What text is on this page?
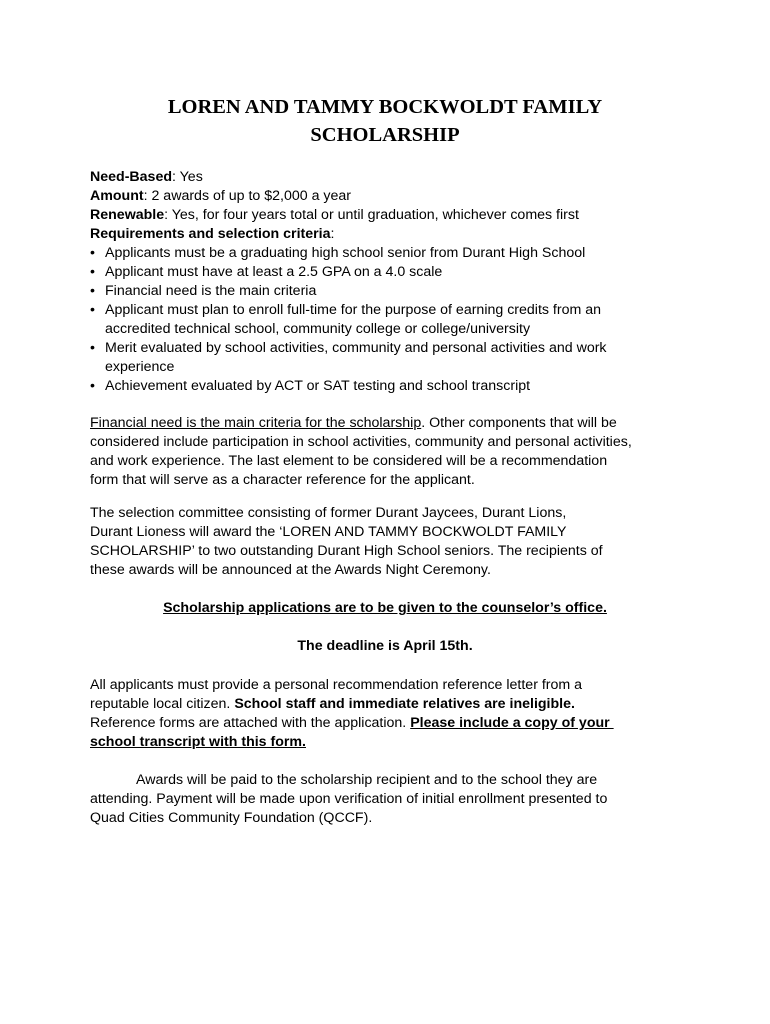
LOREN AND TAMMY BOCKWOLDT FAMILY
SCHOLARSHIP
Need-Based: Yes
Amount: 2 awards of up to $2,000 a year
Renewable: Yes, for four years total or until graduation, whichever comes first
Requirements and selection criteria:
• Applicants must be a graduating high school senior from Durant High School
• Applicant must have at least a 2.5 GPA on a 4.0 scale
• Financial need is the main criteria
• Applicant must plan to enroll full-time for the purpose of earning credits from an
accredited technical school, community college or college/university
• Merit evaluated by school activities, community and personal activities and work
experience
• Achievement evaluated by ACT or SAT testing and school transcript
Financial need is the main criteria for the scholarship. Other components that will be
considered include participation in school activities, community and personal activities,
and work experience. The last element to be considered will be a recommendation
form that will serve as a character reference for the applicant.
The selection committee consisting of former Durant Jaycees, Durant Lions,
Durant Lioness will award the ‘LOREN AND TAMMY BOCKWOLDT FAMILY
SCHOLARSHIP’ to two outstanding Durant High School seniors. The recipients of
these awards will be announced at the Awards Night Ceremony.
Scholarship applications are to be given to the counselor’s office.
The deadline is April 15th.
All applicants must provide a personal recommendation reference letter from a
reputable local citizen. School staff and immediate relatives are ineligible.
Reference forms are attached with the application. Please include a copy of your
school transcript with this form.
Awards will be paid to the scholarship recipient and to the school they are
attending. Payment will be made upon verification of initial enrollment presented to
Quad Cities Community Foundation (QCCF).
